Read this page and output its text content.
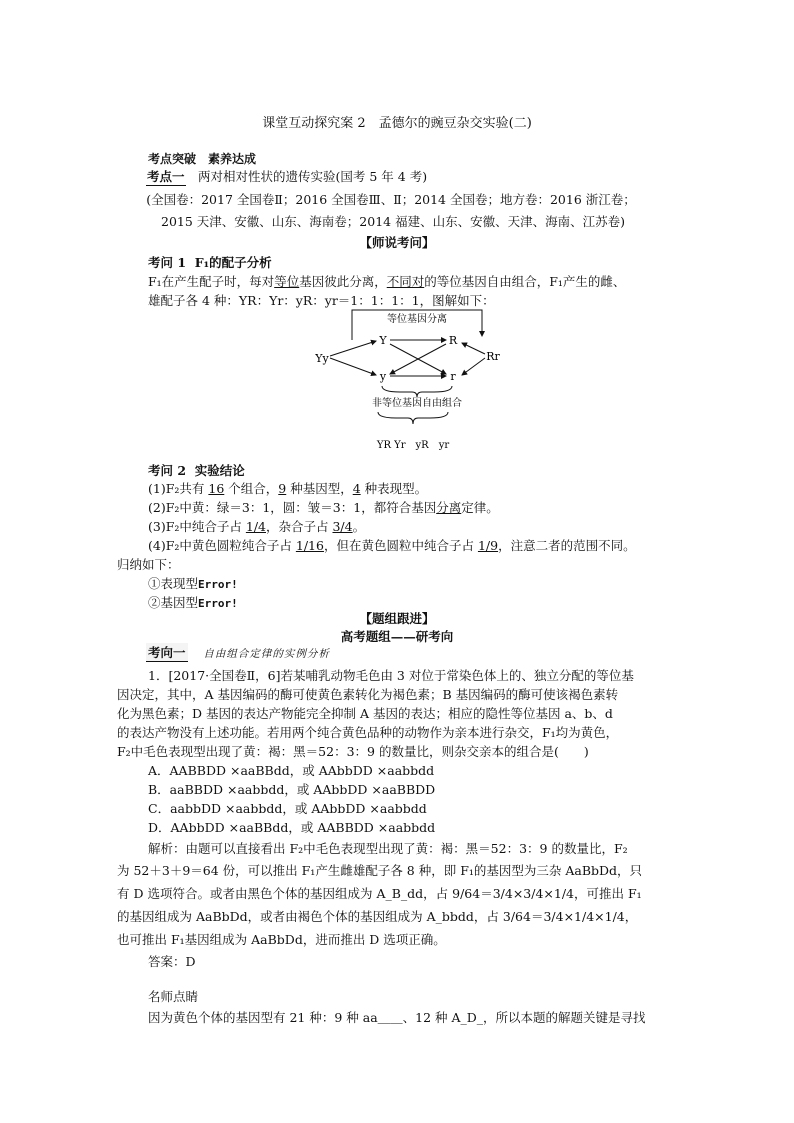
课堂互动探究案 2　孟德尔的豌豆杂交实验(二)
考点突破　素养达成
考点一　两对相对性状的遗传实验(国考 5 年 4 考)
(全国卷：2017 全国卷Ⅱ；2016 全国卷Ⅲ、Ⅱ；2014 全国卷；地方卷：2016 浙江卷；
2015 天津、安徽、山东、海南卷；2014 福建、山东、安徽、天津、海南、江苏卷)
【师说考问】
考问 1 F₁的配子分析
F₁在产生配子时，每对等位基因彼此分离，不同对的等位基因自由组合，F₁产生的雌、
雄配子各 4 种：YR：Yr：yR：yr＝1：1：1：1，图解如下：
等位基因分离
Yy
Y	R
Rr
y	r
非等位基因自由组合
YR Yr　yR　yr
考问 2 实验结论
(1)F₂共有 16 个组合，9 种基因型，4 种表现型。
(2)F₂中黄：绿＝3：1，圆：皱＝3：1，都符合基因分离定律。
(3)F₂中纯合子占 1/4，杂合子占 3/4。
(4)F₂中黄色圆粒纯合子占 1/16，但在黄色圆粒中纯合子占 1/9，注意二者的范围不同。
归纳如下：
①表现型Error!
②基因型Error!
【题组跟进】
高考题组——研考向
考向一 自由组合定律的实例分析
1．[2017·全国卷Ⅱ，6]若某哺乳动物毛色由 3 对位于常染色体上的、独立分配的等位基
因决定，其中，A 基因编码的酶可使黄色素转化为褐色素；B 基因编码的酶可使该褐色素转
化为黑色素；D 基因的表达产物能完全抑制 A 基因的表达；相应的隐性等位基因 a、b、d
的表达产物没有上述功能。若用两个纯合黄色品种的动物作为亲本进行杂交，F₁均为黄色，
F₂中毛色表现型出现了黄：褐：黑＝52：3：9 的数量比，则杂交亲本的组合是(　　)
A．AABBDD ×aaBBdd，或 AAbbDD ×aabbdd
B．aaBBDD ×aabbdd，或 AAbbDD ×aaBBDD
C．aabbDD ×aabbdd，或 AAbbDD ×aabbdd
D．AAbbDD ×aaBBdd，或 AABBDD ×aabbdd
解析：由题可以直接看出 F₂中毛色表现型出现了黄：褐：黑＝52：3：9 的数量比，F₂
为 52＋3＋9＝64 份，可以推出 F₁产生雌雄配子各 8 种，即 F₁的基因型为三杂 AaBbDd，只
有 D 选项符合。或者由黑色个体的基因组成为 A_B_dd，占 9/64＝3/4×3/4×1/4，可推出 F₁
的基因组成为 AaBbDd，或者由褐色个体的基因组成为 A_bbdd，占 3/64＝3/4×1/4×1/4，
也可推出 F₁基因组成为 AaBbDd，进而推出 D 选项正确。
答案：D
名师点睛
因为黄色个体的基因型有 21 种：9 种 aa＿＿、12 种 A_D_，所以本题的解题关键是寻找
